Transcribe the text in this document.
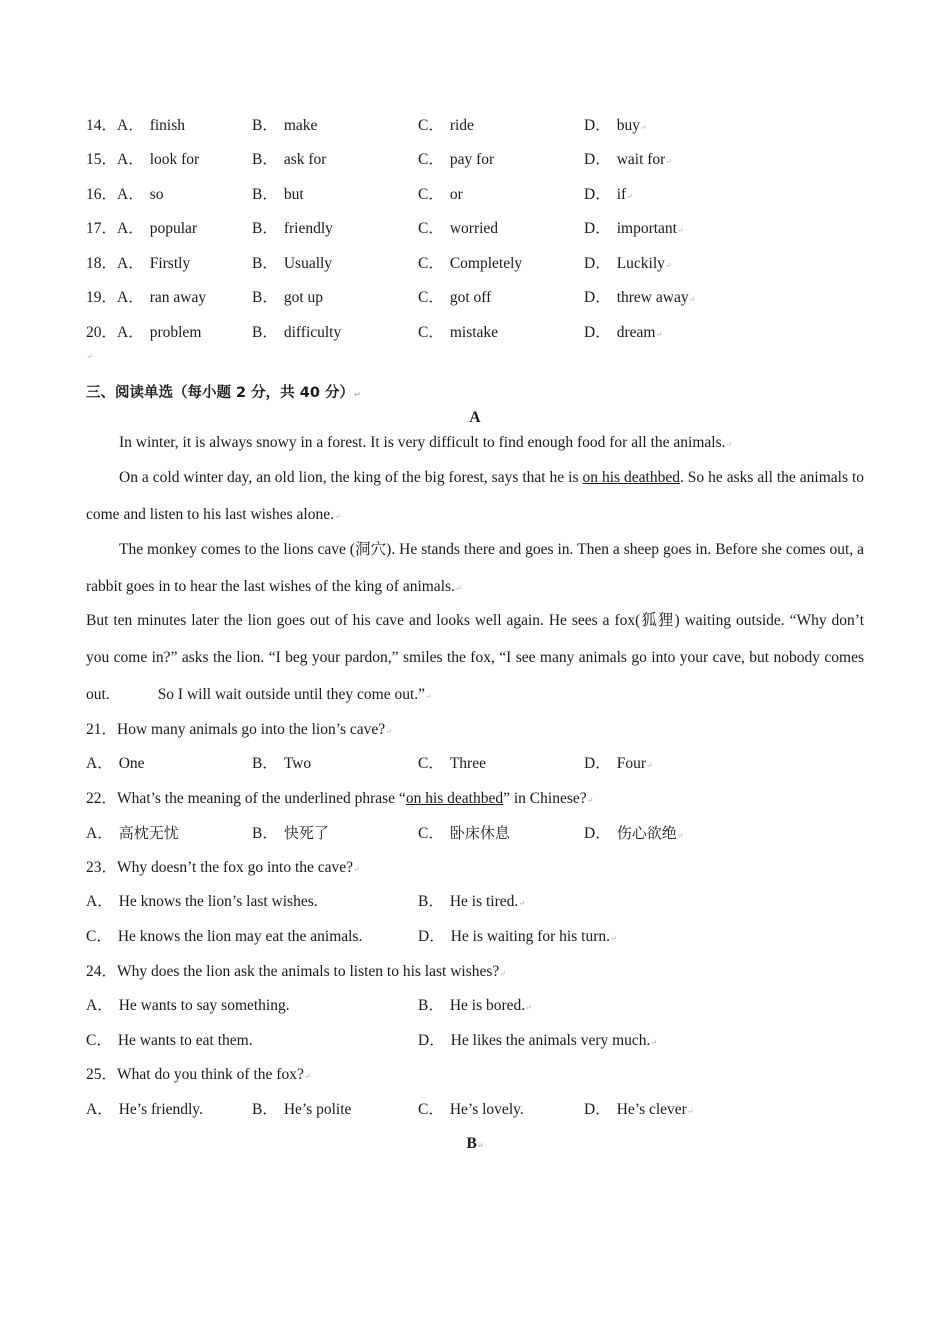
14．A． finish	B． make	C． ride	D． buy↵
15．A． look for	B． ask for	C． pay for	D． wait for↵
16．A． so	B． but	C． or	D． if↵
17．A． popular	B． friendly	C． worried	D． important↵
18．A． Firstly	B． Usually	C． Completely	D． Luckily↵
19．A． ran away	B． got up	C． got off	D． threw away↵
20．A． problem	B． difficulty	C． mistake	D． dream↵
↵
三、阅读单选（每小题 2 分，共 40 分）↵
A
In winter, it is always snowy in a forest. It is very difficult to find enough food for all the animals.↵
On a cold winter day, an old lion, the king of the big forest, says that he is on his deathbed. So he asks all the animals to come and listen to his last wishes alone.↵
The monkey comes to the lions cave (洞穴). He stands there and goes in. Then a sheep goes in. Before she comes out, a rabbit goes in to hear the last wishes of the king of animals.↵
But ten minutes later the lion goes out of his cave and looks well again. He sees a fox(狐狸) waiting outside. “Why don’t you come in?” asks the lion. “I beg your pardon,” smiles the fox, “I see many animals go into your cave, but nobody comes out.	So I will wait outside until they come out.”↵
21．How many animals go into the lion’s cave?↵
A． One	B． Two	C． Three	D． Four↵
22．What’s the meaning of the underlined phrase “on his deathbed” in Chinese?↵
A． 高枕无忧	B． 快死了	C． 卧床休息	D． 伤心欲绝↵
23．Why doesn’t the fox go into the cave?↵
A． He knows the lion’s last wishes.	B． He is tired.↵
C． He knows the lion may eat the animals.	D． He is waiting for his turn.↵
24．Why does the lion ask the animals to listen to his last wishes?↵
A． He wants to say something.	B． He is bored.↵
C． He wants to eat them.	D． He likes the animals very much.↵
25．What do you think of the fox?↵
A． He’s friendly.	B． He’s polite	C． He’s lovely.	D． He’s clever↵
B↵
